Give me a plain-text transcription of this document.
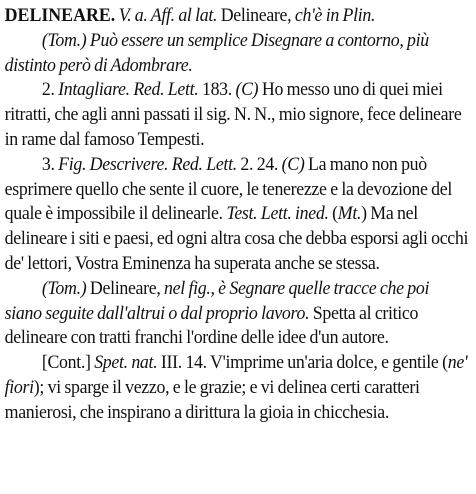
DELINEARE. V. a. Aff. al lat. Delineare, ch'è in Plin.

(Tom.) Può essere un semplice Disegnare a contorno, più distinto però di Adombrare.

2. Intagliare. Red. Lett. 183. (C) Ho messo uno di quei miei ritratti, che agli anni passati il sig. N. N., mio signore, fece delineare in rame dal famoso Tempesti.

3. Fig. Descrivere. Red. Lett. 2. 24. (C) La mano non può esprimere quello che sente il cuore, le tenerezze e la devozione del quale è impossibile il delinearle. Test. Lett. ined. (Mt.) Ma nel delineare i siti e paesi, ed ogni altra cosa che debba esporsi agli occhi de' lettori, Vostra Eminenza ha superata anche se stessa.

(Tom.) Delineare, nel fig., è Segnare quelle tracce che poi siano seguite dall'altrui o dal proprio lavoro. Spetta al critico delineare con tratti franchi l'ordine delle idee d'un autore.

[Cont.] Spet. nat. III. 14. V'imprime un'aria dolce, e gentile (ne' fiori); vi sparge il vezzo, e le grazie; e vi delinea certi caratteri manierosi, che inspirano a dirittura la gioia in chicchesia.
